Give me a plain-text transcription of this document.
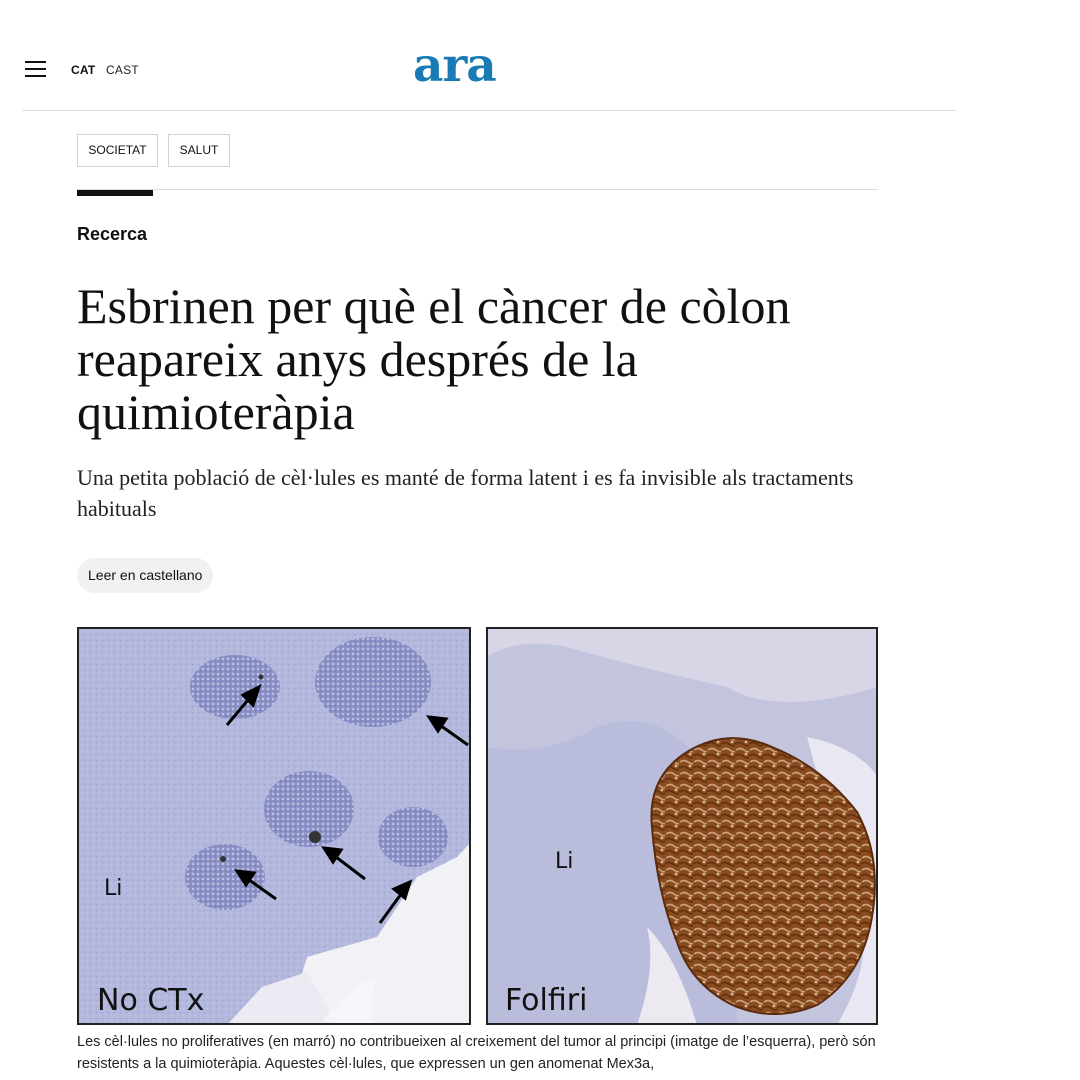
CAT CAST	ara
SOCIETAT	SALUT
Recerca
Esbrinen per què el càncer de còlon reapareix anys després de la quimioteràpia

Una petita població de cèl·lules es manté de forma latent i es fa invisible als tractaments habituals

Leer en castellano
Li
No CTx
Li
Folfiri

Les cèl·lules no proliferatives (en marró) no contribueixen al creixement del tumor al principi (imatge de l’esquerra), però són resistents a la quimioteràpia. Aquestes cèl·lules, que expressen un gen anomenat Mex3a,
